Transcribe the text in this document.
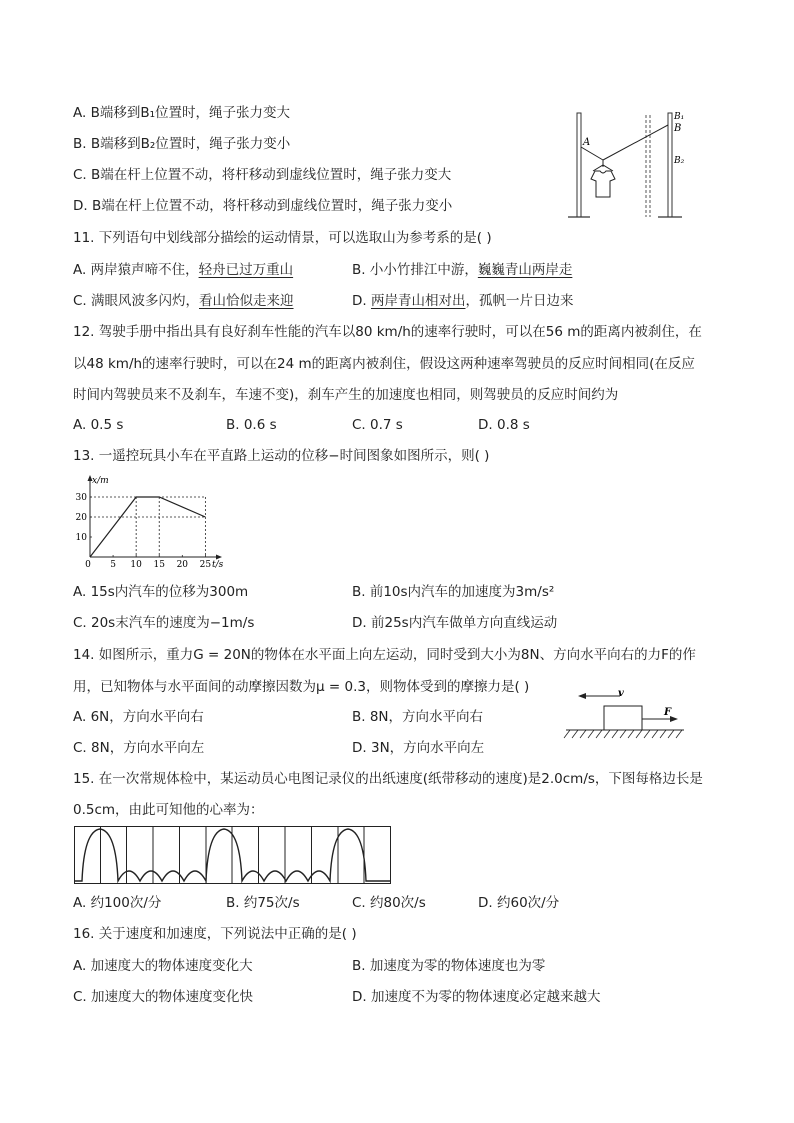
A. B端移到B₁位置时，绳子张力变大
B. B端移到B₂位置时，绳子张力变小
C. B端在杆上位置不动，将杆移动到虚线位置时，绳子张力变大
D. B端在杆上位置不动，将杆移动到虚线位置时，绳子张力变小
A
B
B₁
B₂
11. 下列语句中划线部分描绘的运动情景，可以选取山为参考系的是( )
A. 两岸猿声啼不住，轻舟已过万重山	B. 小小竹排江中游，巍巍青山两岸走
C. 满眼风波多闪灼，看山恰似走来迎	D. 两岸青山相对出，孤帆一片日边来
12. 驾驶手册中指出具有良好刹车性能的汽车以80 km/h的速率行驶时，可以在56 m的距离内被刹住，在
以48 km/h的速率行驶时，可以在24 m的距离内被刹住，假设这两种速率驾驶员的反应时间相同(在反应
时间内驾驶员来不及刹车，车速不变)，刹车产生的加速度也相同，则驾驶员的反应时间约为
A. 0.5 s	B. 0.6 s	C. 0.7 s	D. 0.8 s
13. 一遥控玩具小车在平直路上运动的位移−时间图象如图所示，则( )
0 5 10 15 20 25
10
20
30
x/m
t/s
A. 15s内汽车的位移为300m	B. 前10s内汽车的加速度为3m/s²
C. 20s末汽车的速度为−1m/s	D. 前25s内汽车做单方向直线运动
14. 如图所示，重力G = 20N的物体在水平面上向左运动，同时受到大小为8N、方向水平向右的力F的作
用，已知物体与水平面间的动摩擦因数为μ = 0.3，则物体受到的摩擦力是( )
A. 6N，方向水平向右	B. 8N，方向水平向右
C. 8N，方向水平向左	D. 3N，方向水平向左
v
F
15. 在一次常规体检中，某运动员心电图记录仪的出纸速度(纸带移动的速度)是2.0cm/s，下图每格边长是
0.5cm，由此可知他的心率为：
A. 约100次/分	B. 约75次/s	C. 约80次/s	D. 约60次/分
16. 关于速度和加速度，下列说法中正确的是( )
A. 加速度大的物体速度变化大	B. 加速度为零的物体速度也为零
C. 加速度大的物体速度变化快	D. 加速度不为零的物体速度必定越来越大
